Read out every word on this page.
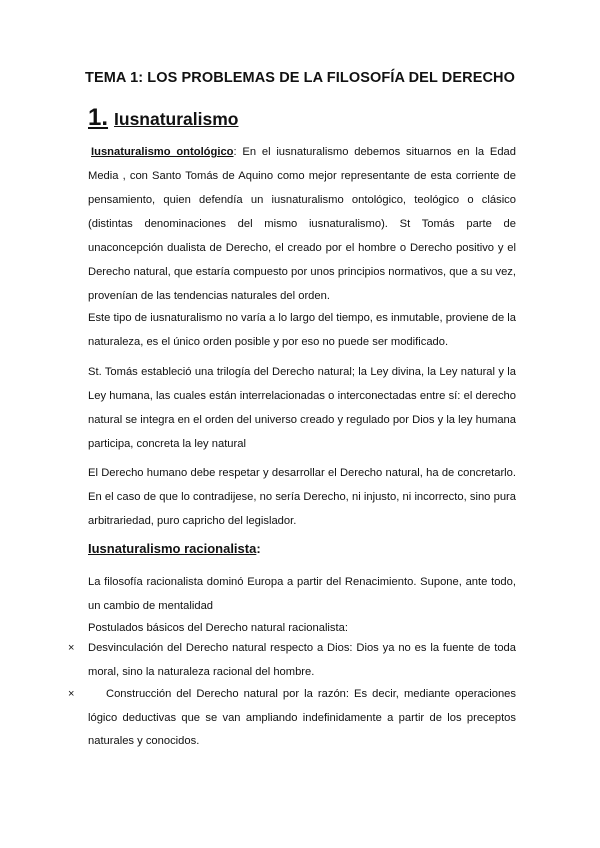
TEMA 1: LOS PROBLEMAS DE LA FILOSOFÍA DEL DERECHO
1. Iusnaturalismo
Iusnaturalismo ontológico: En el iusnaturalismo debemos situarnos en la Edad Media , con Santo Tomás de Aquino como mejor representante de esta corriente de pensamiento, quien defendía un iusnaturalismo ontológico, teológico o clásico (distintas denominaciones del mismo iusnaturalismo). St Tomás parte de unaconcepción dualista de Derecho, el creado por el hombre o Derecho positivo y el Derecho natural, que estaría compuesto por unos principios normativos, que a su vez, provenían de las tendencias naturales del orden.
Este tipo de iusnaturalismo no varía a lo largo del tiempo, es inmutable, proviene de la naturaleza, es el único orden posible y por eso no puede ser modificado.
St. Tomás estableció una trilogía del Derecho natural; la Ley divina, la Ley natural y la Ley humana, las cuales están interrelacionadas o interconectadas entre sí: el derecho natural se integra en el orden del universo creado y regulado por Dios y la ley humana participa, concreta la ley natural
El Derecho humano debe respetar y desarrollar el Derecho natural, ha de concretarlo. En el caso de que lo contradijese, no sería Derecho, ni injusto, ni incorrecto, sino pura arbitrariedad, puro capricho del legislador.
Iusnaturalismo racionalista:
La filosofía racionalista dominó Europa a partir del Renacimiento. Supone, ante todo, un cambio de mentalidad
Postulados básicos del Derecho natural racionalista:
× Desvinculación del Derecho natural respecto a Dios: Dios ya no es la fuente de toda moral, sino la naturaleza racional del hombre.
×	Construcción del Derecho natural por la razón: Es decir, mediante operaciones lógico deductivas que se van ampliando indefinidamente a partir de los preceptos naturales y conocidos.
